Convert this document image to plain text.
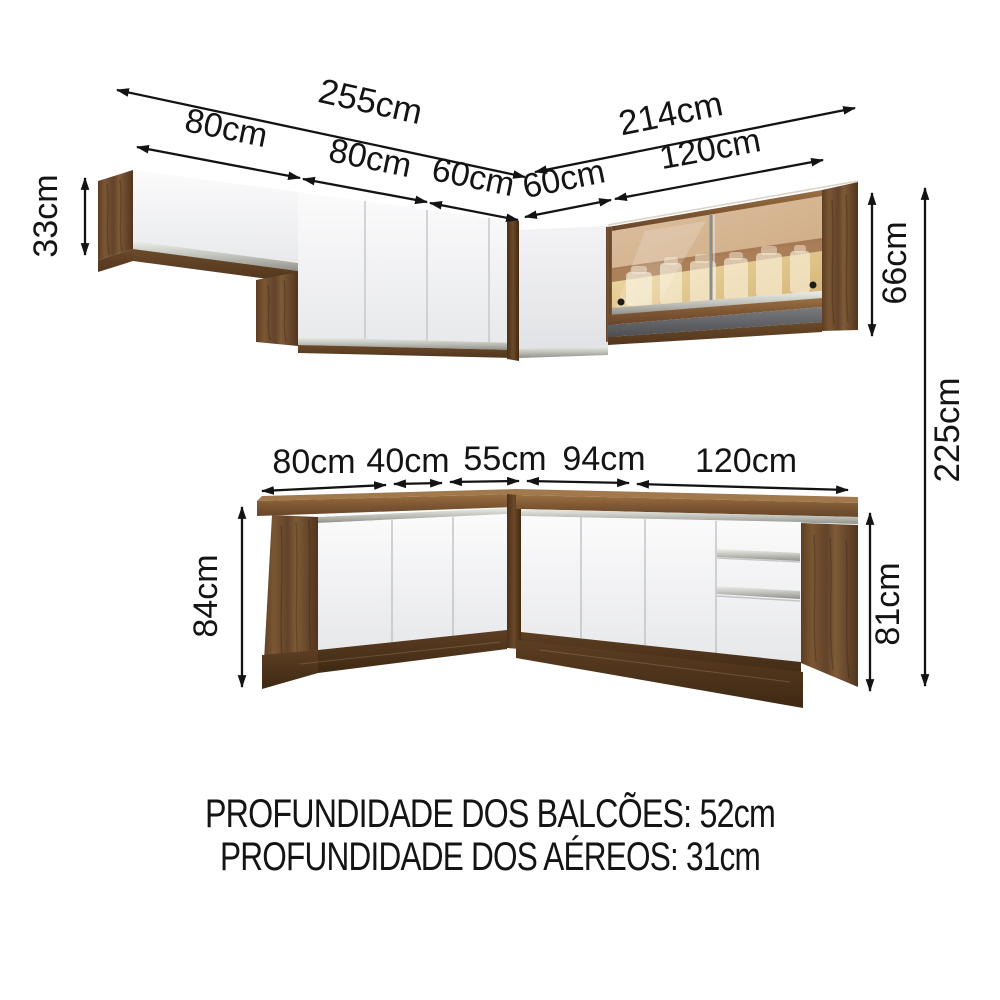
255cm
80cm
80cm 60cm
214cm
60cm
120cm
33cm
66cm
225cm
84cm	81cm
80cm 40cm 55cm 94cm 120cm
PROFUNDIDADE DOS BALCÕES: 52cm
PROFUNDIDADE DOS AÉREOS: 31cm
